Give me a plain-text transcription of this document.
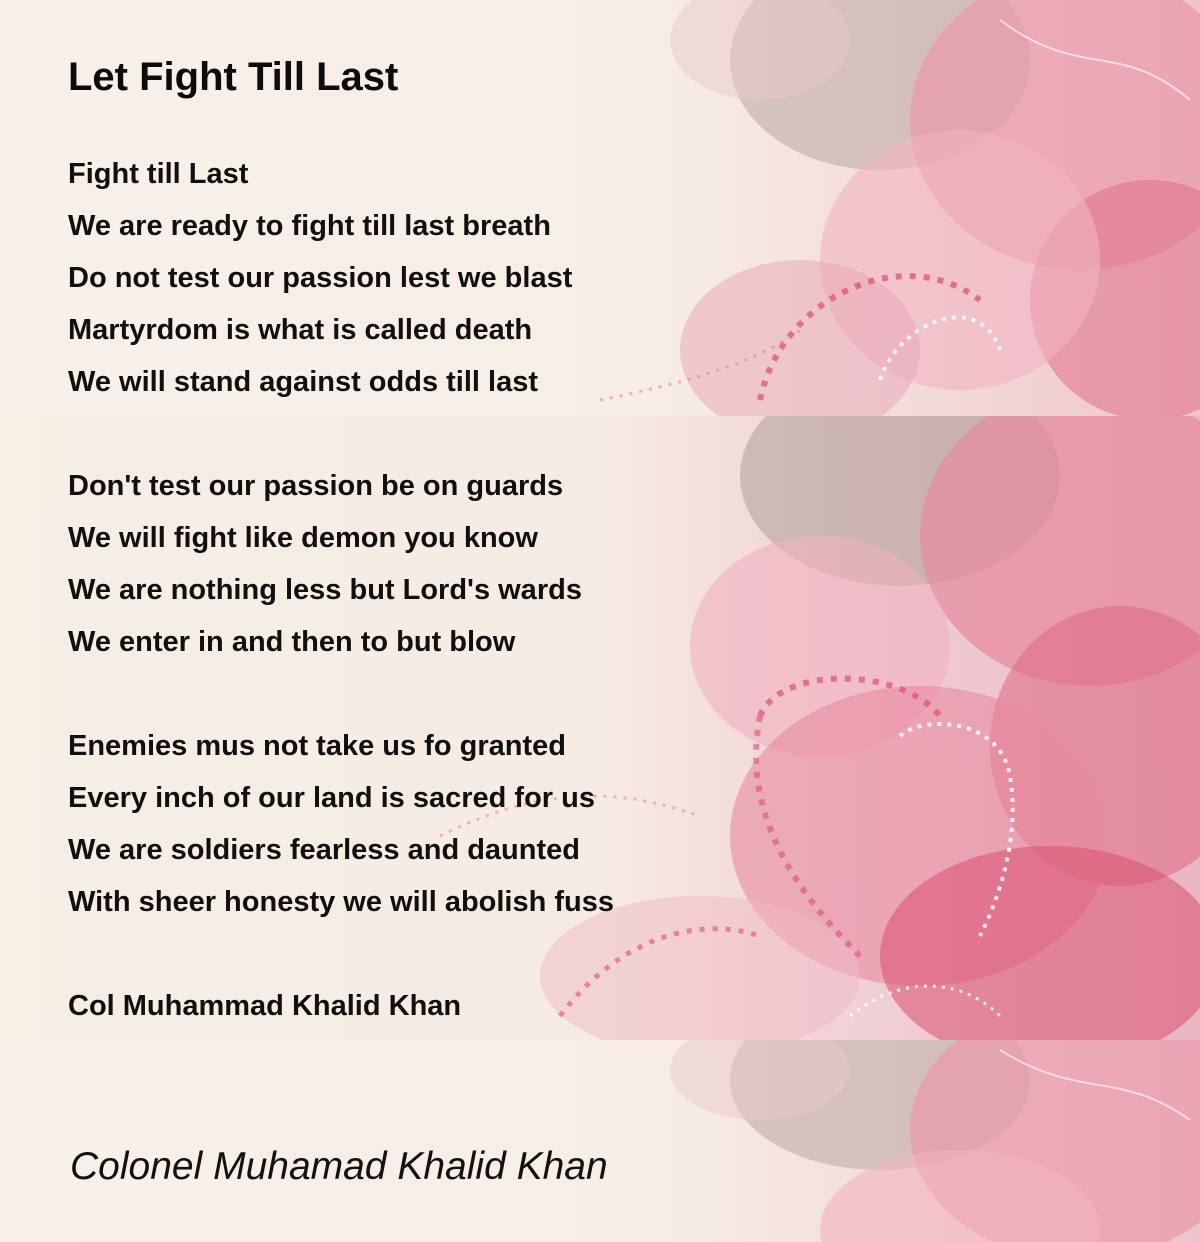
Let Fight Till Last

Fight till Last

We are ready to fight till last breath

Do not test our passion lest we blast

Martyrdom is what is called death

We will stand against odds till last

Don't test our passion be on guards

We will fight like demon you know

We are nothing less but Lord's wards

We enter in and then to but blow

Enemies mus not take us fo granted

Every inch of our land is sacred for us

We are soldiers fearless and daunted

With sheer honesty we will abolish fuss

Col Muhammad Khalid Khan

Colonel Muhamad Khalid Khan
